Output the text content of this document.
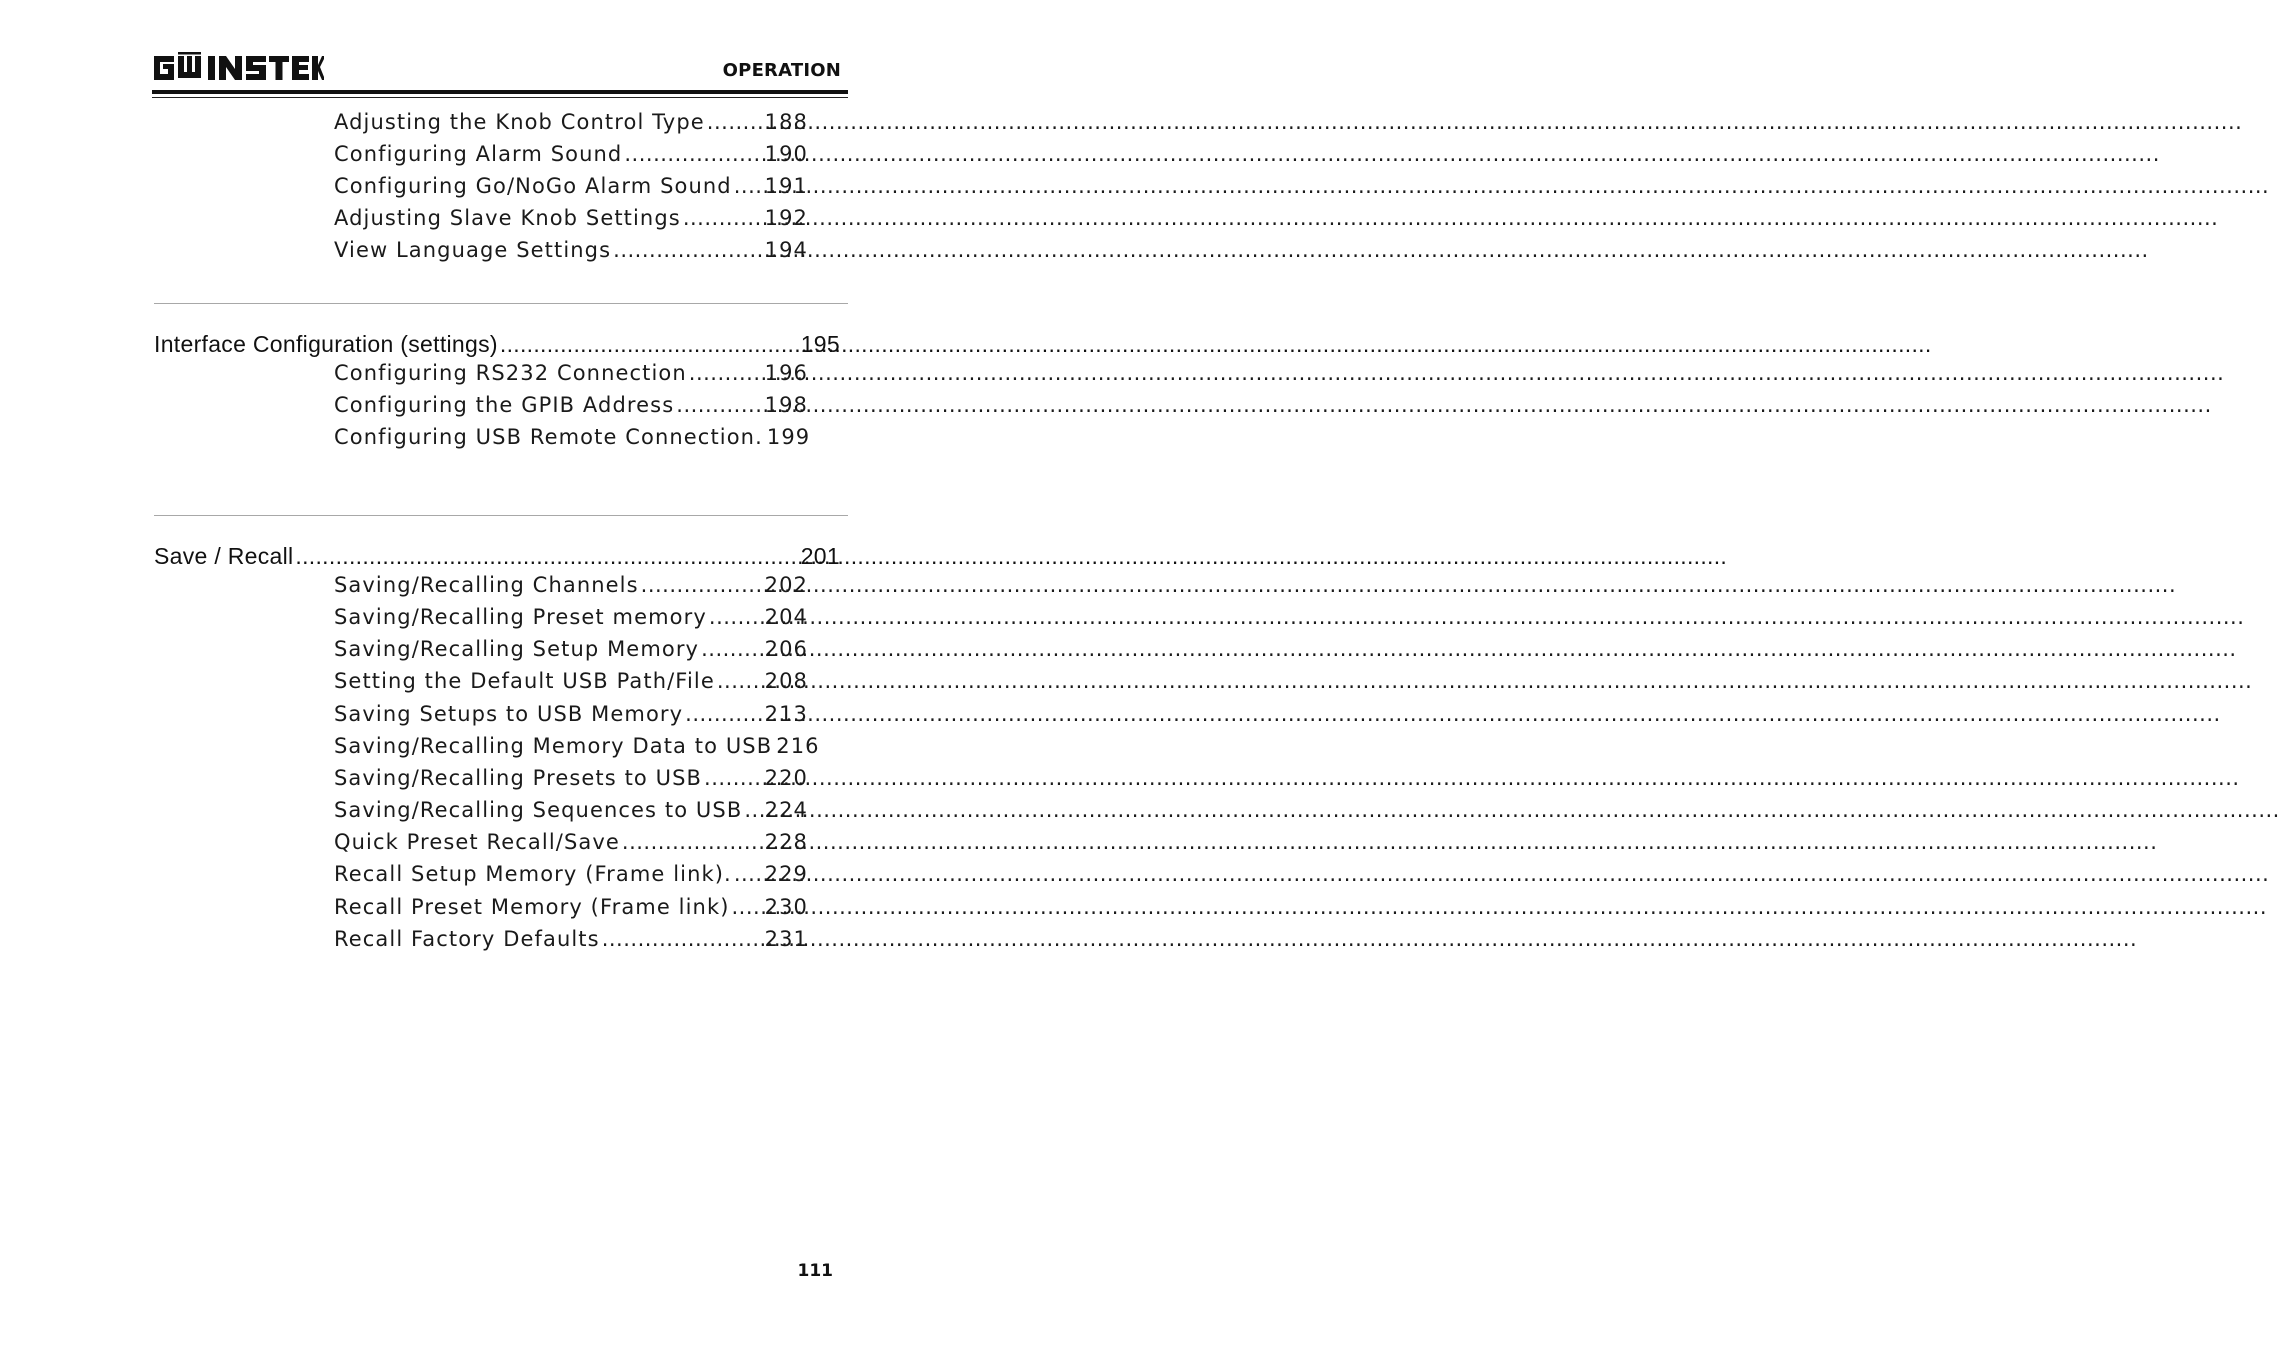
OPERATION
Adjusting the Knob Control Type .....	188
Configuring Alarm Sound .....	190
Configuring Go/NoGo Alarm Sound ..... 191
Adjusting Slave Knob Settings .....	192
View Language Settings .....	194
Interface Configuration (settings) .....	195
Configuring RS232 Connection .....	196
Configuring the GPIB Address .....	198
Configuring USB Remote Connection. 199
Save / Recall .....	201
Saving/Recalling Channels .....	202
Saving/Recalling Preset memory .....	204
Saving/Recalling Setup Memory .....	206
Setting the Default USB Path/File ..... 208
Saving Setups to USB Memory .....	213
Saving/Recalling Memory Data to USB 216
Saving/Recalling Presets to USB .....	220
Saving/Recalling Sequences to USB ..... 224
Quick Preset Recall/Save .....	228
Recall Setup Memory (Frame link). ..... 229
Recall Preset Memory (Frame link) ..... 230
Recall Factory Defaults .....	231
111
